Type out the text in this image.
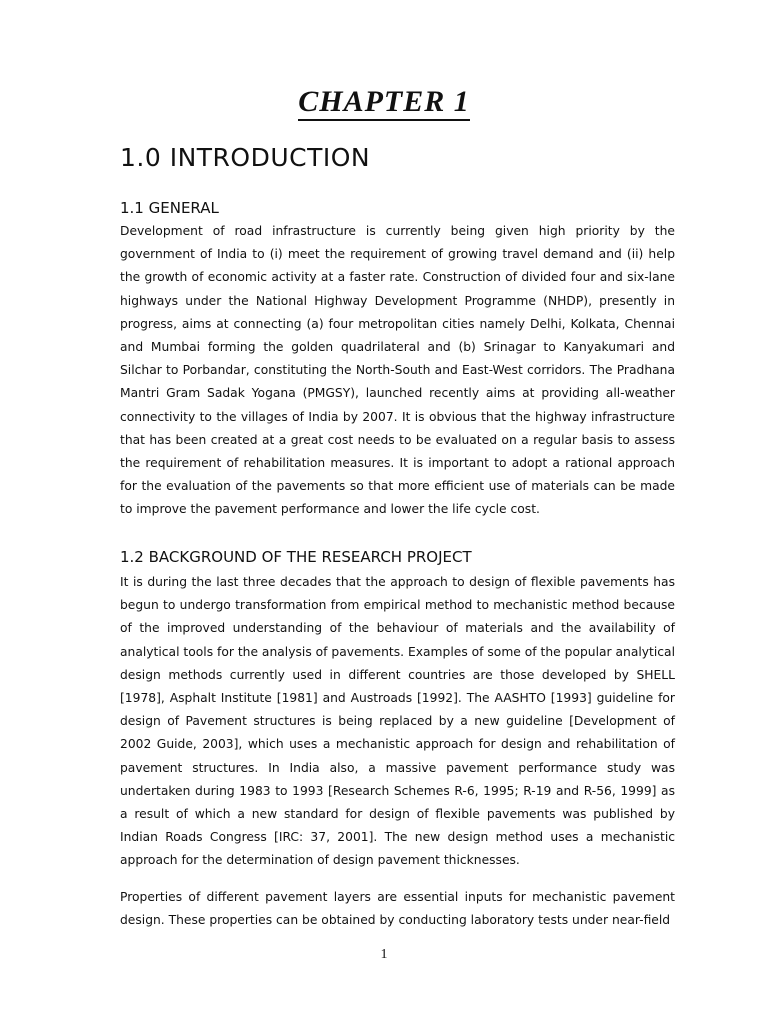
CHAPTER 1
1.0 INTRODUCTION
1.1 GENERAL

Development of road infrastructure is currently being given high priority by the government of India to (i) meet the requirement of growing travel demand and (ii) help the growth of economic activity at a faster rate. Construction of divided four and six-lane highways under the National Highway Development Programme (NHDP), presently in progress, aims at connecting (a) four metropolitan cities namely Delhi, Kolkata, Chennai and Mumbai forming the golden quadrilateral and (b) Srinagar to Kanyakumari and Silchar to Porbandar, constituting the North-South and East-West corridors. The Pradhana Mantri Gram Sadak Yogana (PMGSY), launched recently aims at providing all-weather connectivity to the villages of India by 2007. It is obvious that the highway infrastructure that has been created at a great cost needs to be evaluated on a regular basis to assess the requirement of rehabilitation measures. It is important to adopt a rational approach for the evaluation of the pavements so that more efficient use of materials can be made to improve the pavement performance and lower the life cycle cost.

1.2 BACKGROUND OF THE RESEARCH PROJECT

It is during the last three decades that the approach to design of flexible pavements has begun to undergo transformation from empirical method to mechanistic method because of the improved understanding of the behaviour of materials and the availability of analytical tools for the analysis of pavements. Examples of some of the popular analytical design methods currently used in different countries are those developed by SHELL [1978], Asphalt Institute [1981] and Austroads [1992]. The AASHTO [1993] guideline for design of Pavement structures is being replaced by a new guideline [Development of 2002 Guide, 2003], which uses a mechanistic approach for design and rehabilitation of pavement structures. In India also, a massive pavement performance study was undertaken during 1983 to 1993 [Research Schemes R-6, 1995; R-19 and R-56, 1999] as a result of which a new standard for design of flexible pavements was published by Indian Roads Congress [IRC: 37, 2001]. The new design method uses a mechanistic approach for the determination of design pavement thicknesses.

Properties of different pavement layers are essential inputs for mechanistic pavement design. These properties can be obtained by conducting laboratory tests under near-field

1
